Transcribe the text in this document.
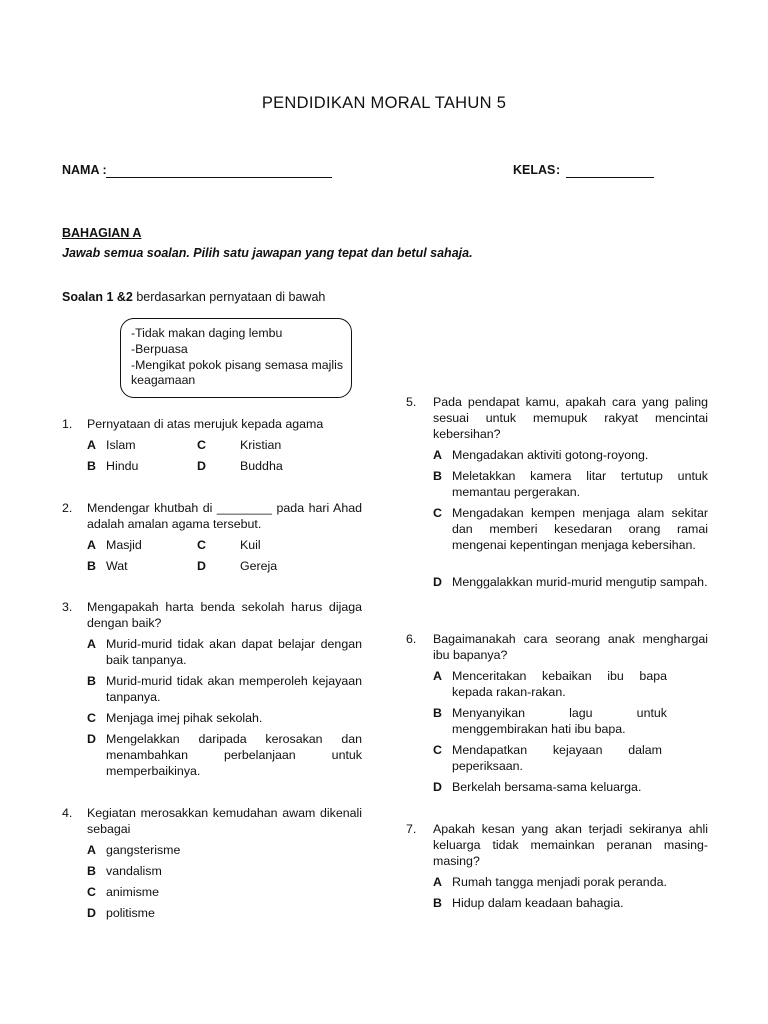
PENDIDIKAN MORAL TAHUN 5
NAMA :	KELAS :
BAHAGIAN A
Jawab semua soalan. Pilih satu jawapan yang tepat dan betul sahaja.
Soalan 1 &2 berdasarkan pernyataan di bawah

-Tidak makan daging lembu

-Berpuasa

-Mengikat pokok pisang semasa majlis keagamaan

1. Pernyataan di atas merujuk kepada agama
A Islam	C	Kristian
B Hindu	D	Buddha
2. Mendengar khutbah di ________ pada hari Ahad adalah amalan agama tersebut.
A Masjid	C	Kuil
B Wat	D	Gereja
3. Mengapakah harta benda sekolah harus dijaga dengan baik?
A Murid-murid tidak akan dapat belajar dengan baik tanpanya.
B Murid-murid tidak akan memperoleh kejayaan tanpanya.
C Menjaga imej pihak sekolah.
D Mengelakkan daripada kerosakan dan menambahkan perbelanjaan untuk memperbaikinya.
4. Kegiatan merosakkan kemudahan awam dikenali sebagai
A gangsterisme
B vandalism
C animisme
D politisme
5. Pada pendapat kamu, apakah cara yang paling sesuai untuk memupuk rakyat mencintai kebersihan?
A Mengadakan aktiviti gotong-royong.
B Meletakkan kamera litar tertutup untuk memantau pergerakan.
C Mengadakan kempen menjaga alam sekitar dan memberi kesedaran orang ramai mengenai kepentingan menjaga kebersihan.
D Menggalakkan murid-murid mengutip sampah.
6. Bagaimanakah cara seorang anak menghargai ibu bapanya?
A Menceritakan kebaikan ibu bapa kepada rakan-rakan.
B Menyanyikan lagu untuk menggembirakan hati ibu bapa.
C Mendapatkan kejayaan dalam peperiksaan.
D Berkelah bersama-sama keluarga.
7. Apakah kesan yang akan terjadi sekiranya ahli keluarga tidak memainkan peranan masing-masing?
A Rumah tangga menjadi porak peranda.
B Hidup dalam keadaan bahagia.
